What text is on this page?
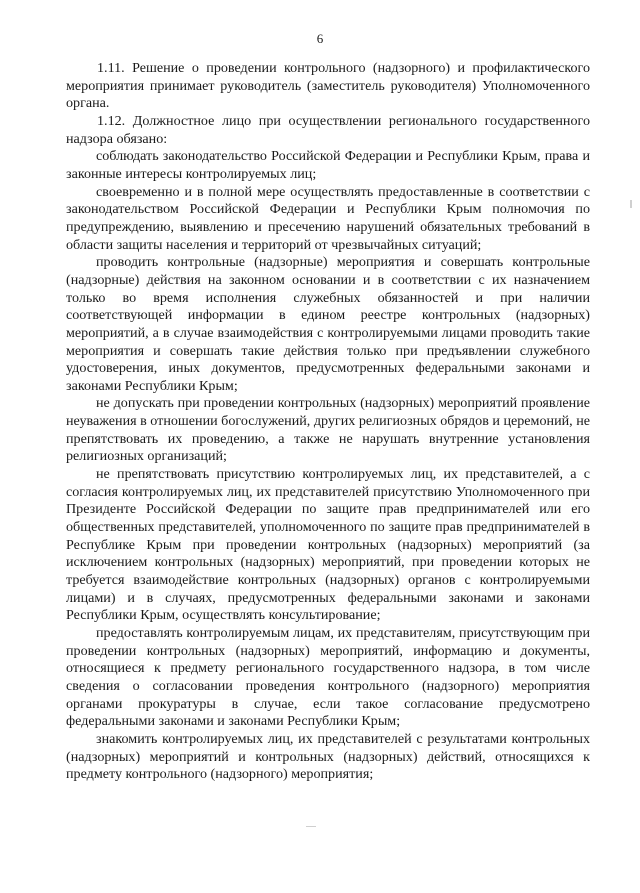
6

1.11. Решение о проведении контрольного (надзорного) и профилактического мероприятия принимает руководитель (заместитель руководителя) Уполномоченного органа.

1.12. Должностное лицо при осуществлении регионального государственного надзора обязано:

соблюдать законодательство Российской Федерации и Республики Крым, права и законные интересы контролируемых лиц;

своевременно и в полной мере осуществлять предоставленные в соответствии с законодательством Российской Федерации и Республики Крым полномочия по предупреждению, выявлению и пресечению нарушений обязательных требований в области защиты населения и территорий от чрезвычайных ситуаций;

проводить контрольные (надзорные) мероприятия и совершать контрольные (надзорные) действия на законном основании и в соответствии с их назначением только во время исполнения служебных обязанностей и при наличии соответствующей информации в едином реестре контрольных (надзорных) мероприятий, а в случае взаимодействия с контролируемыми лицами проводить такие мероприятия и совершать такие действия только при предъявлении служебного удостоверения, иных документов, предусмотренных федеральными законами и законами Республики Крым;

не допускать при проведении контрольных (надзорных) мероприятий проявление неуважения в отношении богослужений, других религиозных обрядов и церемоний, не препятствовать их проведению, а также не нарушать внутренние установления религиозных организаций;

не препятствовать присутствию контролируемых лиц, их представителей, а с согласия контролируемых лиц, их представителей присутствию Уполномоченного при Президенте Российской Федерации по защите прав предпринимателей или его общественных представителей, уполномоченного по защите прав предпринимателей в Республике Крым при проведении контрольных (надзорных) мероприятий (за исключением контрольных (надзорных) мероприятий, при проведении которых не требуется взаимодействие контрольных (надзорных) органов с контролируемыми лицами) и в случаях, предусмотренных федеральными законами и законами Республики Крым, осуществлять консультирование;

предоставлять контролируемым лицам, их представителям, присутствующим при проведении контрольных (надзорных) мероприятий, информацию и документы, относящиеся к предмету регионального государственного надзора, в том числе сведения о согласовании проведения контрольного (надзорного) мероприятия органами прокуратуры в случае, если такое согласование предусмотрено федеральными законами и законами Республики Крым;

знакомить контролируемых лиц, их представителей с результатами контрольных (надзорных) мероприятий и контрольных (надзорных) действий, относящихся к предмету контрольного (надзорного) мероприятия;
